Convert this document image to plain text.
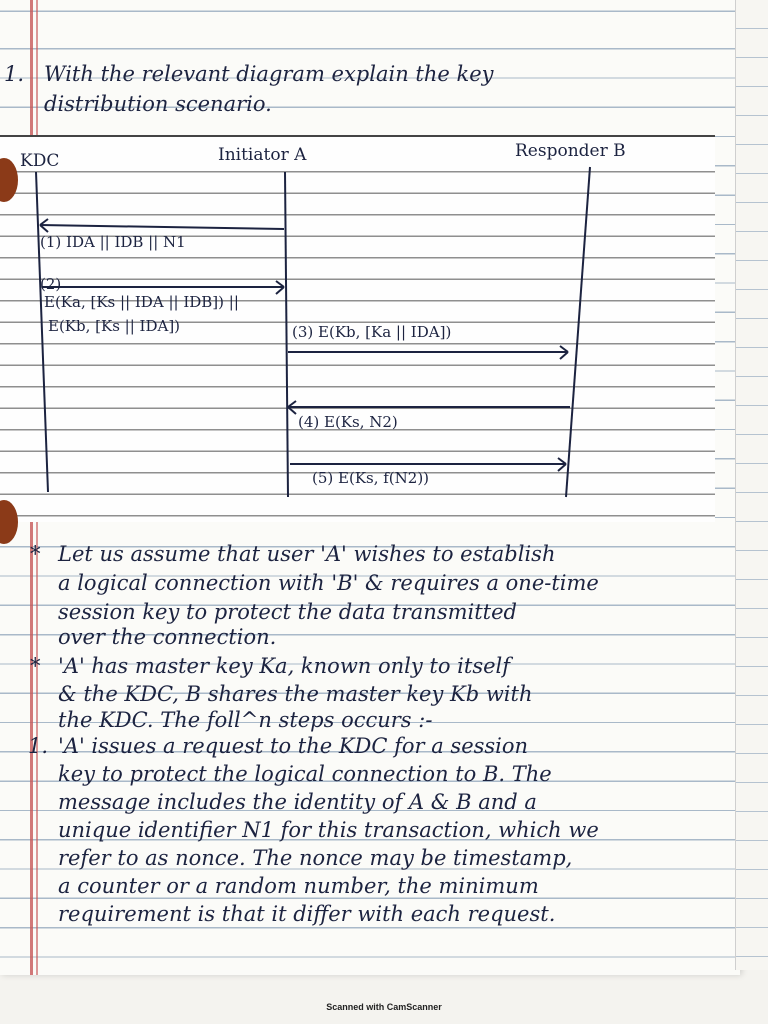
1. With the relevant diagram explain the key
distribution scenario.
KDC	Initiator A	Responder B
(1) IDA || IDB || N1
(2)
E(Ka, [Ks || IDA || IDB]) ||
E(Kb, [Ks || IDA])	(3) E(Kb, [Ka || IDA])
(4) E(Ks, N2)
(5) E(Ks, f(N2))
* Let us assume that user 'A' wishes to establish
a logical connection with 'B' & requires a one-time
session key to protect the data transmitted
over the connection.
* 'A' has master key Ka, known only to itself
& the KDC, B shares the master key Kb with
the KDC. The foll^n steps occurs :-
1. 'A' issues a request to the KDC for a session
key to protect the logical connection to B. The
message includes the identity of A & B and a
unique identifier N1 for this transaction, which we
refer to as nonce. The nonce may be timestamp,
a counter or a random number, the minimum
requirement is that it differ with each request.
Scanned with CamScanner
